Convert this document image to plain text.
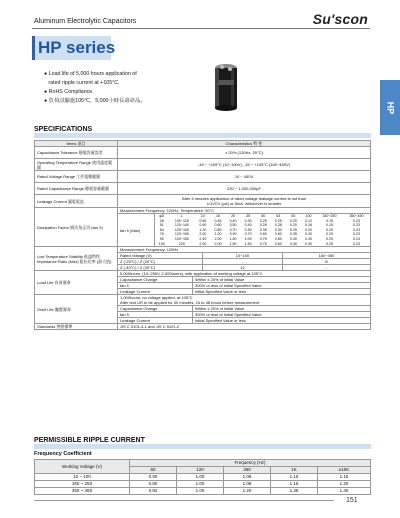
Aluminum Electrolytic Capacitors	Su'scon
HP series
HP
● Load life of 5,000 hours application of
rated ripple current at +105°C.
● RoHS Compliance.
● 負荷試驗施105°C，5,000小時長壽命品。
SPECIFICATIONS
Items 項目	Characteristics 特 性
Capacitance Tolerance 靜電容量誤差	± 20% (120Hz, 20°C)
Operating Temperature Range 使用溫度範圍	-40 ~ +105°C (10~100V), -25 ~ +105°C (160~450V)
Rated Voltage Range 工作電壓範圍	10 ~ 450V
Rated Capacitance Range 靜電容量範圍	220 ~ 1,000,000μF
Leakage Current 漏電電流	After 5 minutes application of rated voltage leakage current is not than
I=3√CV (μA) or 5mA, whichever is smaller

Dissipation Factor 損失角正切 (tan δ)	
Measurement Frequency: 120Hz, Temperature: 20°C
tan δ (Max)
φD	L	10	16	25	35	50	63	80	100	160~250	350~450
35	100~120	0.65	0.45	0.40	0.30	0.25	0.25	0.20	0.12	0.15	0.23
51	120~140	0.90	0.60	0.50	0.40	0.28	0.28	0.20	0.16	0.15	0.23
64	120~190	1.20	0.80	0.70	0.50	0.35	0.30	0.25	0.20	0.20	0.23
76	120~190	2.00	1.20	0.90	0.70	0.60	0.60	0.35	0.30	0.20	0.23
90	120~150	2.40	2.00	1.50	1.00	0.75	0.60	0.40	0.30	0.25	0.23
100	220	2.00	2.00	1.50	1.50	0.75	0.60	0.40	0.30	0.25	0.23

Low Temperature Stability 低溫特性 Impedance Ratio (Max) 阻抗比率 (最大值)	
Measurement Frequency: 120Hz
Rated Voltage (V)	10~100	160~450
Z (-25°C) / Z (20°C)	-	8
Z (-40°C) / Z (20°C)	12	-

Load Life 負荷壽命	
5,000hours, (10~250V, 2,000hours), with application of working voltage at 105°C
Capacitance Change	Within ± 20% of initial Value
tan δ	300% or less of Initial Specified Value
Leakage Current	Initial Specified Value or less

Shelf Life 擱置壽命	
1,000hours, no voltage applied, at 105°C
After test UR to be applied for 30 minutes, 24 to 48 hours before measurement
Capacitance Change	Within ± 20% of initial Value
tan δ	300% or less of Initial Specified Value
Leakage Current	Initial Specified Value or less

Standards 參照標準	JIS C 5101-4-1 and JIS C 5101-2
PERMISSIBLE RIPPLE CURRENT
Frequency Coefficient
Working Voltage (V)	Frequency (Hz)				
	60	120	360	1K	≥10K
10 ~ 100	0.90	1.00	1.08	1.15	1.15
160 ~ 250	0.80	1.00	1.08	1.15	1.20
350 ~ 450	0.82	1.00	1.20	1.35	1.40
151
